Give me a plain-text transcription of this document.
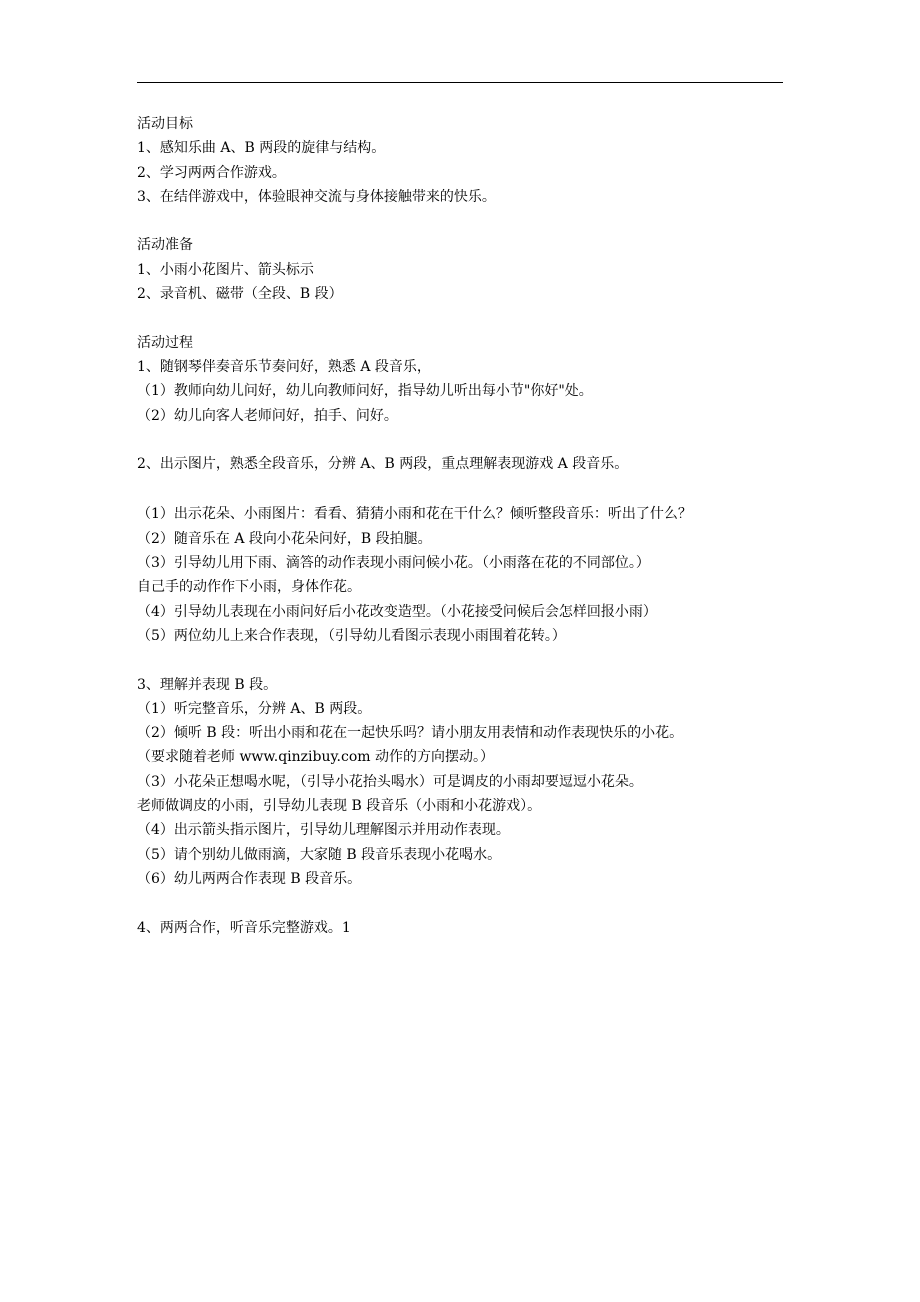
活动目标
1、感知乐曲 A、B 两段的旋律与结构。
2、学习两两合作游戏。
3、在结伴游戏中，体验眼神交流与身体接触带来的快乐。
活动准备
1、小雨小花图片、箭头标示
2、录音机、磁带（全段、B 段）
活动过程
1、随钢琴伴奏音乐节奏问好，熟悉 A 段音乐，
（1）教师向幼儿问好，幼儿向教师问好，指导幼儿听出每小节"你好"处。
（2）幼儿向客人老师问好，拍手、问好。
2、出示图片，熟悉全段音乐，分辨 A、B 两段，重点理解表现游戏 A 段音乐。
（1）出示花朵、小雨图片：看看、猜猜小雨和花在干什么？倾听整段音乐：听出了什么？
（2）随音乐在 A 段向小花朵问好，B 段拍腿。
（3）引导幼儿用下雨、滴答的动作表现小雨问候小花。（小雨落在花的不同部位。）
自己手的动作作下小雨，身体作花。
（4）引导幼儿表现在小雨问好后小花改变造型。（小花接受问候后会怎样回报小雨）
（5）两位幼儿上来合作表现，（引导幼儿看图示表现小雨围着花转。）
3、理解并表现 B 段。
（1）听完整音乐，分辨 A、B 两段。
（2）倾听 B 段：听出小雨和花在一起快乐吗？请小朋友用表情和动作表现快乐的小花。
（要求随着老师 www.qinzibuy.com 动作的方向摆动。）
（3）小花朵正想喝水呢，（引导小花抬头喝水）可是调皮的小雨却要逗逗小花朵。
老师做调皮的小雨，引导幼儿表现 B 段音乐（小雨和小花游戏）。
（4）出示箭头指示图片，引导幼儿理解图示并用动作表现。
（5）请个别幼儿做雨滴，大家随 B 段音乐表现小花喝水。
（6）幼儿两两合作表现 B 段音乐。
4、两两合作，听音乐完整游戏。1
